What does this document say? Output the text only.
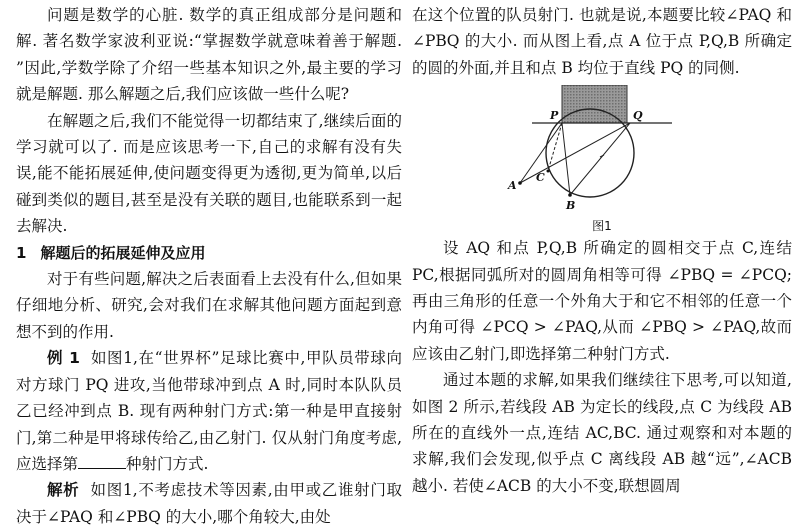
问题是数学的心脏. 数学的真正组成部分是问题和解. 著名数学家波利亚说:“掌握数学就意味着善于解题. ”因此,学数学除了介绍一些基本知识之外,最主要的学习就是解题. 那么解题之后,我们应该做一些什么呢?

在解题之后,我们不能觉得一切都结束了,继续后面的学习就可以了. 而是应该思考一下,自己的求解有没有失误,能不能拓展延伸,使问题变得更为透彻,更为简单,以后碰到类似的题目,甚至是没有关联的题目,也能联系到一起去解决.

1 解题后的拓展延伸及应用

对于有些问题,解决之后表面看上去没有什么,但如果仔细地分析、研究,会对我们在求解其他问题方面起到意想不到的作用.

例 1 如图1,在“世界杯”足球比赛中,甲队员带球向对方球门 PQ 进攻,当他带球冲到点 A 时,同时本队队员乙已经冲到点 B. 现有两种射门方式:第一种是甲直接射门,第二种是甲将球传给乙,由乙射门. 仅从射门角度考虑,应选择第	种射门方式.

解析 如图1,不考虑技术等因素,由甲或乙谁射门取决于∠PAQ 和∠PBQ 的大小,哪个角较大,由处

在这个位置的队员射门. 也就是说,本题要比较∠PAQ 和∠PBQ 的大小. 而从图上看,点 A 位于点 P,Q,B 所确定的圆的外面,并且和点 B 均位于直线 PQ 的同侧.

P	Q
A
B
C

图1

设 AQ 和点 P,Q,B 所确定的圆相交于点 C,连结 PC,根据同弧所对的圆周角相等可得 ∠PBQ = ∠PCQ;再由三角形的任意一个外角大于和它不相邻的任意一个内角可得 ∠PCQ > ∠PAQ,从而 ∠PBQ > ∠PAQ,故而应该由乙射门,即选择第二种射门方式.

通过本题的求解,如果我们继续往下思考,可以知道,如图 2 所示,若线段 AB 为定长的线段,点 C 为线段 AB 所在的直线外一点,连结 AC,BC. 通过观察和对本题的求解,我们会发现,似乎点 C 离线段 AB 越“远”,∠ACB 越小. 若使∠ACB 的大小不变,联想圆周
